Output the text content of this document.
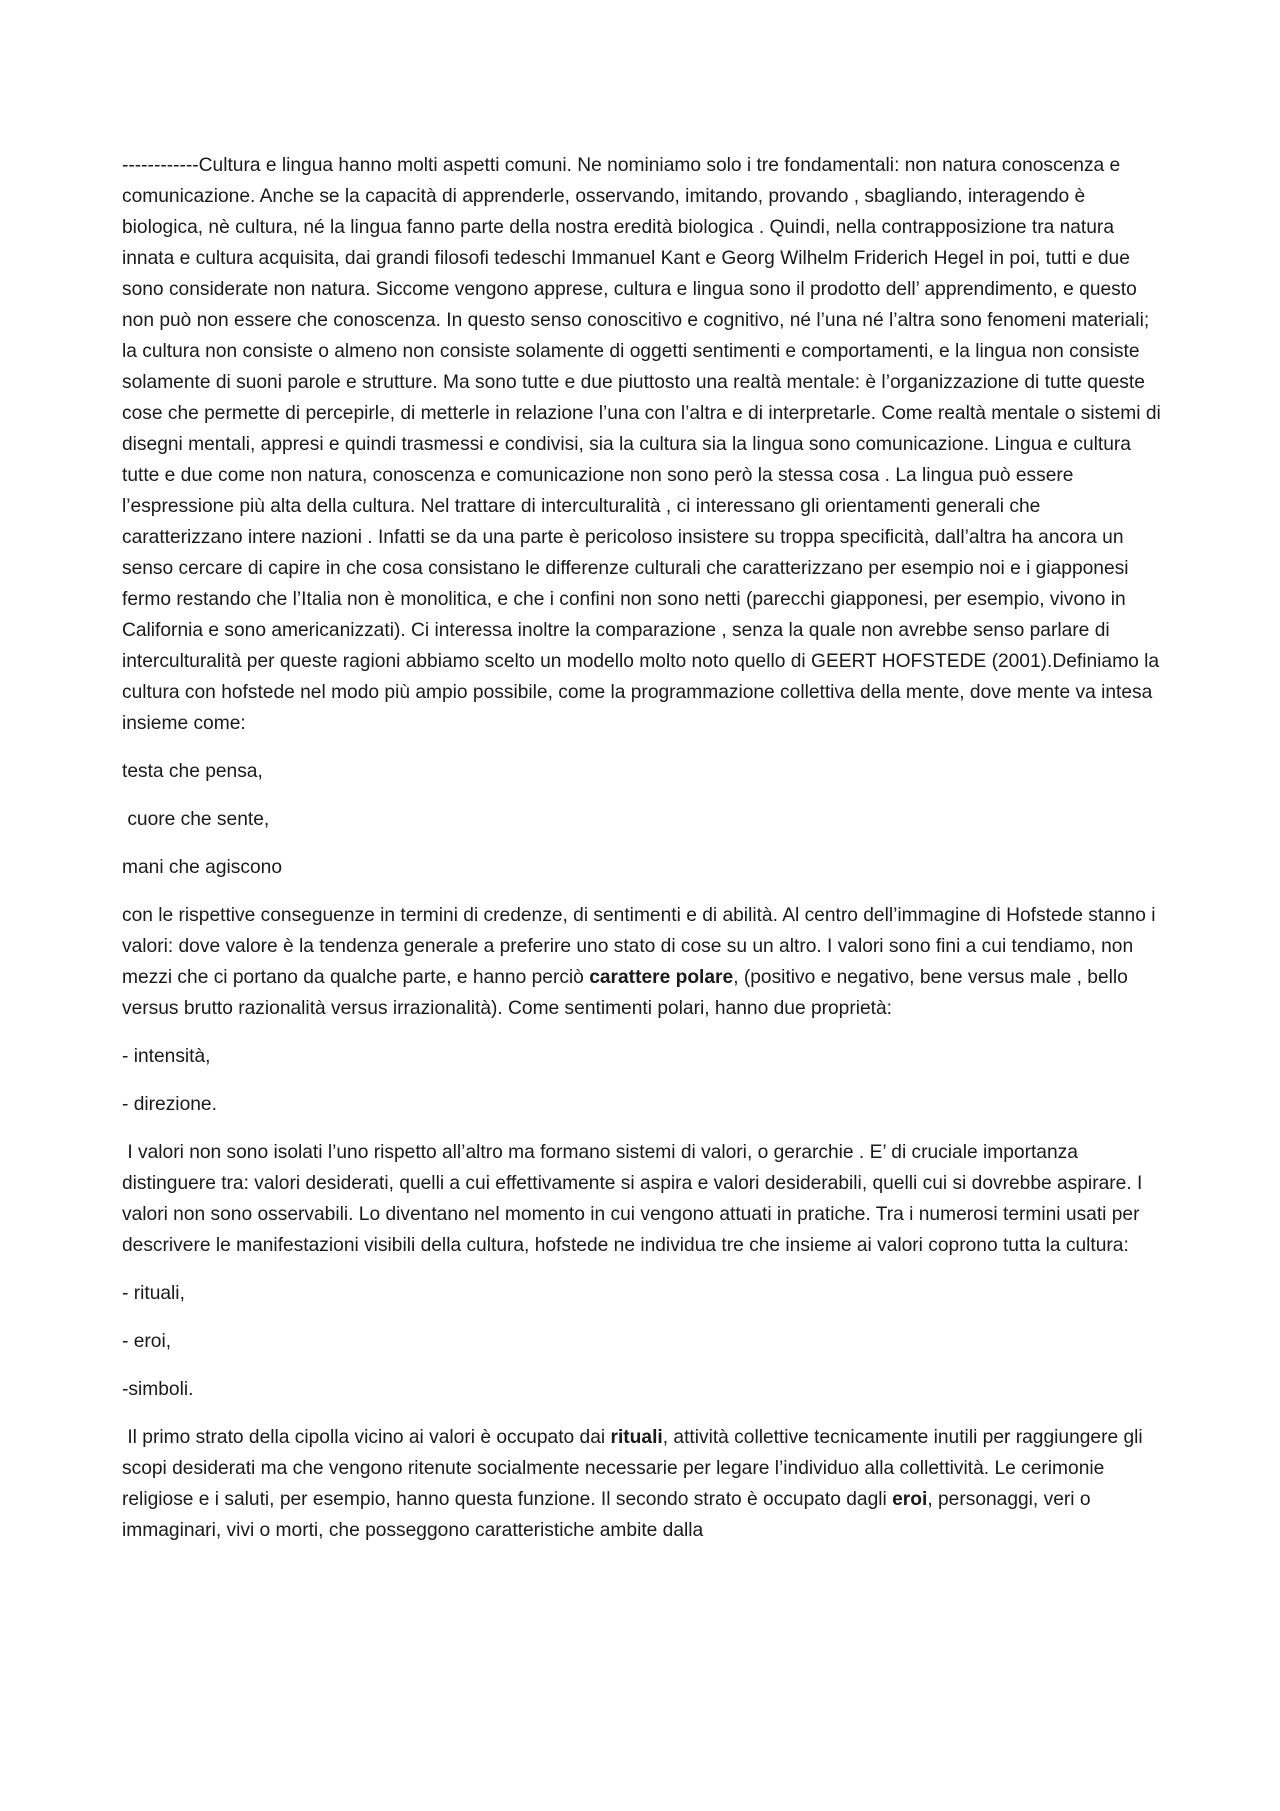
------------Cultura e lingua hanno molti aspetti comuni. Ne nominiamo solo i tre fondamentali: non natura conoscenza e comunicazione. Anche se la capacità di apprenderle, osservando, imitando, provando , sbagliando, interagendo è biologica, nè cultura, né la lingua fanno parte della nostra eredità biologica . Quindi, nella contrapposizione tra natura innata e cultura acquisita, dai grandi filosofi tedeschi Immanuel Kant e Georg Wilhelm Friderich Hegel in poi, tutti e due sono considerate non natura. Siccome vengono apprese, cultura e lingua sono il prodotto dell’ apprendimento, e questo non può non essere che conoscenza. In questo senso conoscitivo e cognitivo, né l’una né l’altra sono fenomeni materiali; la cultura non consiste o almeno non consiste solamente di oggetti sentimenti e comportamenti, e la lingua non consiste solamente di suoni parole e strutture. Ma sono tutte e due piuttosto una realtà mentale: è l’organizzazione di tutte queste cose che permette di percepirle, di metterle in relazione l’una con l’altra e di interpretarle. Come realtà mentale o sistemi di disegni mentali, appresi e quindi trasmessi e condivisi, sia la cultura sia la lingua sono comunicazione. Lingua e cultura tutte e due come non natura, conoscenza e comunicazione non sono però la stessa cosa . La lingua può essere l’espressione più alta della cultura. Nel trattare di interculturalità , ci interessano gli orientamenti generali che caratterizzano intere nazioni . Infatti se da una parte è pericoloso insistere su troppa specificità, dall’altra ha ancora un senso cercare di capire in che cosa consistano le differenze culturali che caratterizzano per esempio noi e i giapponesi fermo restando che l’Italia non è monolitica, e che i confini non sono netti (parecchi giapponesi, per esempio, vivono in California e sono americanizzati). Ci interessa inoltre la comparazione , senza la quale non avrebbe senso parlare di interculturalità per queste ragioni abbiamo scelto un modello molto noto quello di GEERT HOFSTEDE (2001).Definiamo la cultura con hofstede nel modo più ampio possibile, come la programmazione collettiva della mente, dove mente va intesa insieme come:

testa che pensa,
cuore che sente,
mani che agiscono

con le rispettive conseguenze in termini di credenze, di sentimenti e di abilità. Al centro dell’immagine di Hofstede stanno i valori: dove valore è la tendenza generale a preferire uno stato di cose su un altro. I valori sono fini a cui tendiamo, non mezzi che ci portano da qualche parte, e hanno perciò carattere polare, (positivo e negativo, bene versus male , bello versus brutto razionalità versus irrazionalità). Come sentimenti polari, hanno due proprietà:

- intensità,
- direzione.

I valori non sono isolati l’uno rispetto all’altro ma formano sistemi di valori, o gerarchie . E’ di cruciale importanza distinguere tra: valori desiderati, quelli a cui effettivamente si aspira e valori desiderabili, quelli cui si dovrebbe aspirare. I valori non sono osservabili. Lo diventano nel momento in cui vengono attuati in pratiche. Tra i numerosi termini usati per descrivere le manifestazioni visibili della cultura, hofstede ne individua tre che insieme ai valori coprono tutta la cultura:

- rituali,
- eroi,
-simboli.

Il primo strato della cipolla vicino ai valori è occupato dai rituali, attività collettive tecnicamente inutili per raggiungere gli scopi desiderati ma che vengono ritenute socialmente necessarie per legare l’individuo alla collettività. Le cerimonie religiose e i saluti, per esempio, hanno questa funzione. Il secondo strato è occupato dagli eroi, personaggi, veri o immaginari, vivi o morti, che posseggono caratteristiche ambite dalla
